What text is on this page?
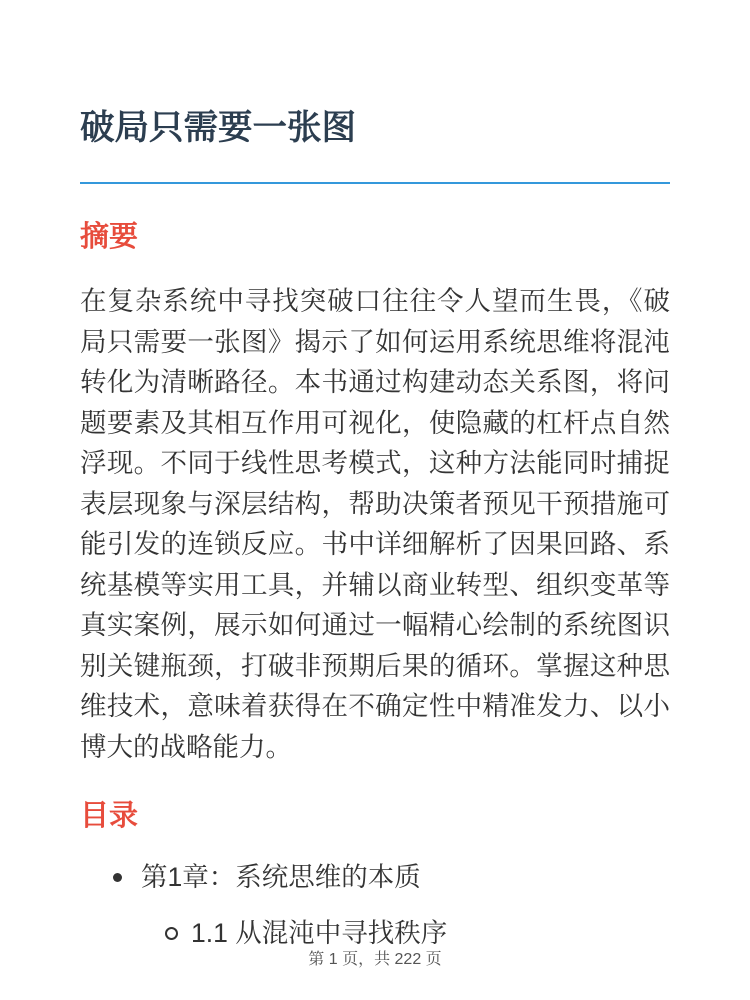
破局只需要一张图
摘要

在复杂系统中寻找突破口往往令人望而生畏，《破局只需要一张图》揭示了如何运用系统思维将混沌转化为清晰路径。本书通过构建动态关系图，将问题要素及其相互作用可视化，使隐藏的杠杆点自然浮现。不同于线性思考模式，这种方法能同时捕捉表层现象与深层结构，帮助决策者预见干预措施可能引发的连锁反应。书中详细解析了因果回路、系统基模等实用工具，并辅以商业转型、组织变革等真实案例，展示如何通过一幅精心绘制的系统图识别关键瓶颈，打破非预期后果的循环。掌握这种思维技术，意味着获得在不确定性中精准发力、以小博大的战略能力。

目录
第1章：系统思维的本质
1.1 从混沌中寻找秩序
第 1 页，共 222 页
